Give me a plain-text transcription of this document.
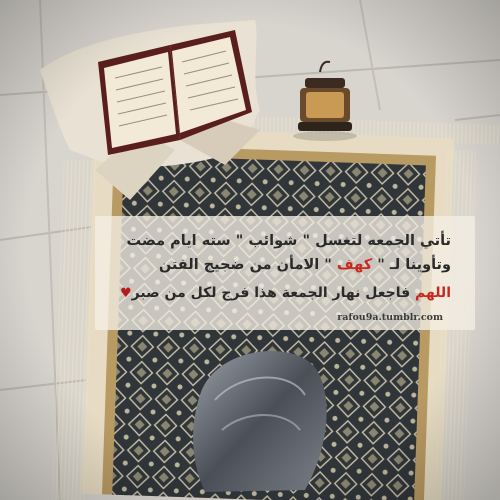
تأتي الجمعه لتغسل " شوائب " سته ايام مضت
وتأوينا لـ " كهف " الامأن من ضجيج الفتن
اللهم فاجعل نهار الجمعة هذا فرج لكل من صبر♥
rafou9a.tumblr.com
